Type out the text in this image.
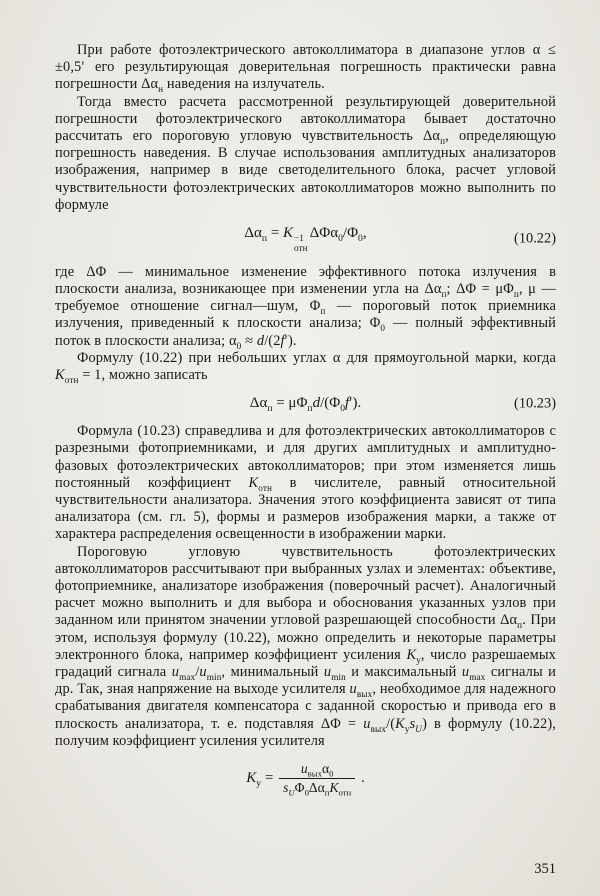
При работе фотоэлектрического автоколлиматора в диапазоне углов α ≤ ±0,5′ его результирующая доверительная погрешность практически равна погрешности $\Delta\alpha_н$ наведения на излучатель.

Тогда вместо расчета рассмотренной результирующей доверительной погрешности фотоэлектрического автоколлиматора бывает достаточно рассчитать его пороговую угловую чувствительность $\Delta\alpha_п$, определяющую погрешность наведения. В случае использования амплитудных анализаторов изображения, например в виде светоделительного блока, расчет угловой чувствительности фотоэлектрических автоколлиматоров можно выполнить по формуле

$\Delta\alpha_п = K -1$
отн
$\Delta\Phi\alpha_0/\Phi_0$,	(10.22)

где ΔΦ — минимальное изменение эффективного потока излучения в плоскости анализа, возникающее при изменении угла на $\Delta\alpha_п$; $\Delta\Phi = \mu\Phi_п$, μ — требуемое отношение сигнал—шум, $\Phi_п$ — пороговый поток приемника излучения, приведенный к плоскости анализа; $\Phi_0$ — полный эффективный поток в плоскости анализа; $\alpha_0 \approx d/(2f')$.

Формулу (10.22) при небольших углах α для прямоугольной марки, когда $K_{отн} = 1$, можно записать

$\Delta\alpha_п = \mu\Phi_пd/(\Phi_0f')$.	(10.23)

Формула (10.23) справедлива и для фотоэлектрических автоколлиматоров с разрезными фотоприемниками, и для других амплитудных и амплитудно-фазовых фотоэлектрических автоколлиматоров; при этом изменяется лишь постоянный коэффициент $K_{отн}$ в числителе, равный относительной чувствительности анализатора. Значения этого коэффициента зависят от типа анализатора (см. гл. 5), формы и размеров изображения марки, а также от характера распределения освещенности в изображении марки.

Пороговую угловую чувствительность фотоэлектрических автоколлиматоров рассчитывают при выбранных узлах и элементах: объективе, фотоприемнике, анализаторе изображения (поверочный расчет). Аналогичный расчет можно выполнить и для выбора и обоснования указанных узлов при заданном или принятом значении угловой разрешающей способности $\Delta\alpha_п$. При этом, используя формулу (10.22), можно определить и некоторые параметры электронного блока, например коэффициент усиления $K_у$, число разрешаемых градаций сигнала $u_{max}/u_{min}$, минимальный $u_{min}$ и максимальный $u_{max}$ сигналы и др. Так, зная напряжение на выходе усилителя $u_{вых}$, необходимое для надежного срабатывания двигателя компенсатора с заданной скоростью и привода его в плоскость анализатора, т. е. подставляя $\Delta\Phi = u_{вых}/(K_уs_U)$ в формулу (10.22), получим коэффициент усиления усилителя

$K_у = \frac{u_{вых}\alpha_0}{s_U\Phi_0\Delta\alpha_пK_{отн}}$ .
351
